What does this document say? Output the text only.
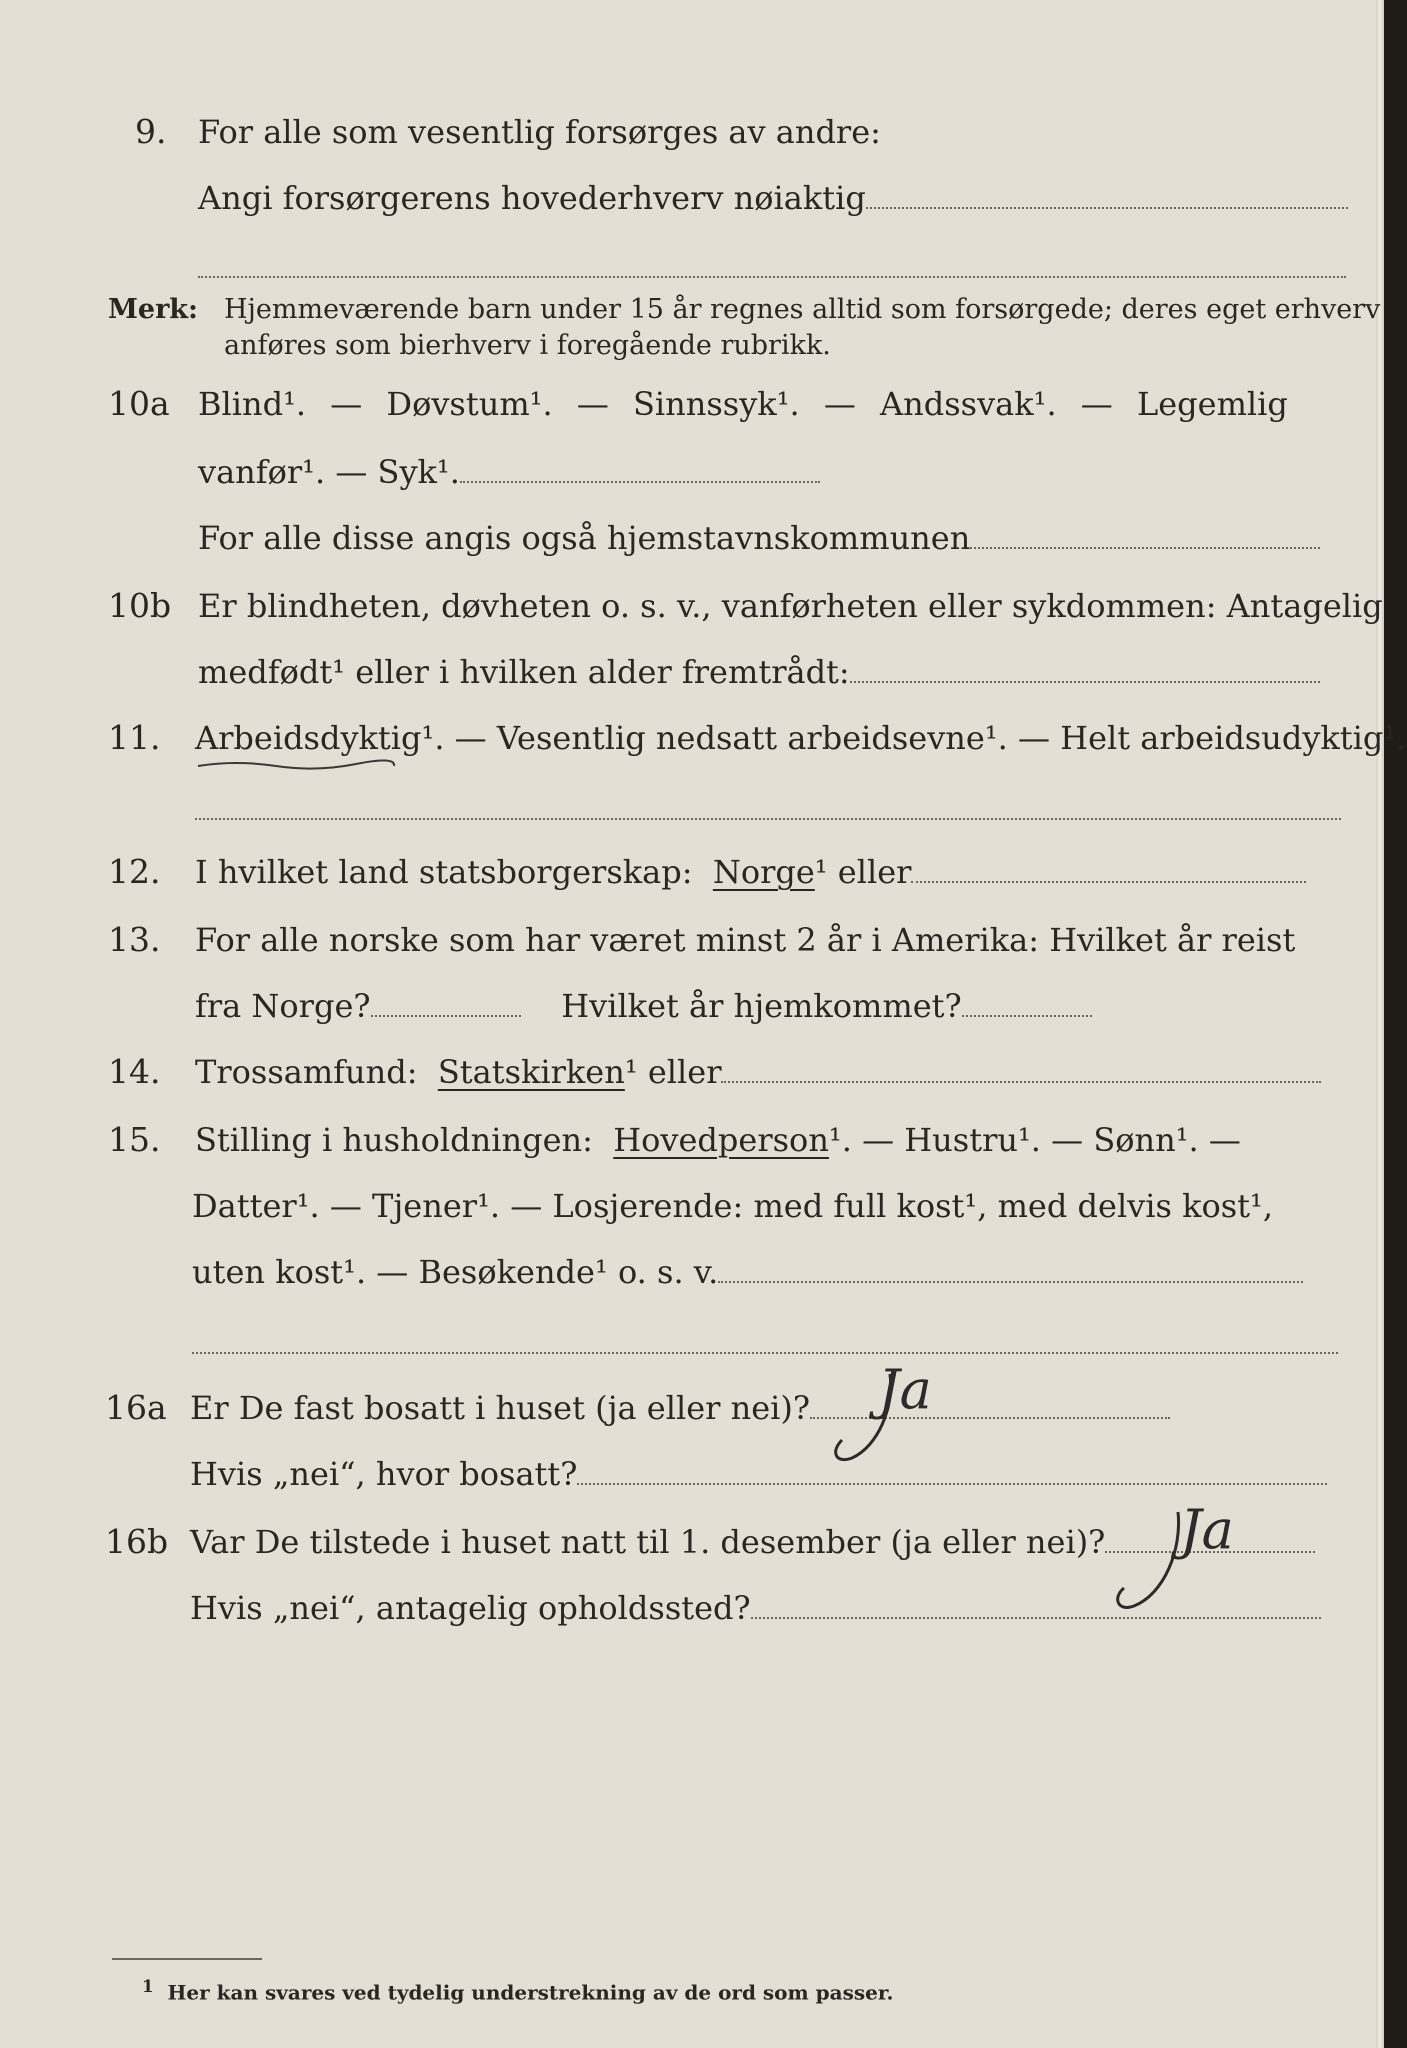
9. For alle som vesentlig forsørges av andre:
Angi forsørgerens hovederhverv nøiaktig
Merk: Hjemmeværende barn under 15 år regnes alltid som forsørgede; deres eget erhverv
anføres som bierhverv i foregående rubrikk.
10a Blind¹. — Døvstum¹. — Sinnssyk¹. — Andssvak¹. — Legemlig
vanfør¹. — Syk¹.
For alle disse angis også hjemstavnskommunen
10b Er blindheten, døvheten o. s. v., vanførheten eller sykdommen: Antagelig
medfødt¹ eller i hvilken alder fremtrådt:
11. Arbeidsdyktig¹. — Vesentlig nedsatt arbeidsevne¹. — Helt arbeidsudyktig¹.
12. I hvilket land statsborgerskap: Norge¹ eller
13. For alle norske som har været minst 2 år i Amerika: Hvilket år reist
fra Norge?	Hvilket år hjemkommet?
14. Trossamfund: Statskirken¹ eller
15. Stilling i husholdningen: Hovedperson¹. — Hustru¹. — Sønn¹. —
Datter¹. — Tjener¹. — Losjerende: med full kost¹, med delvis kost¹,
uten kost¹. — Besøkende¹ o. s. v.
16a Er De fast bosatt i huset (ja eller nei)?	Ja
Hvis „nei“, hvor bosatt?
16b Var De tilstede i huset natt til 1. desember (ja eller nei)?	Ja
Hvis „nei“, antagelig opholdssted?
$^1$ Her kan svares ved tydelig understrekning av de ord som passer.
